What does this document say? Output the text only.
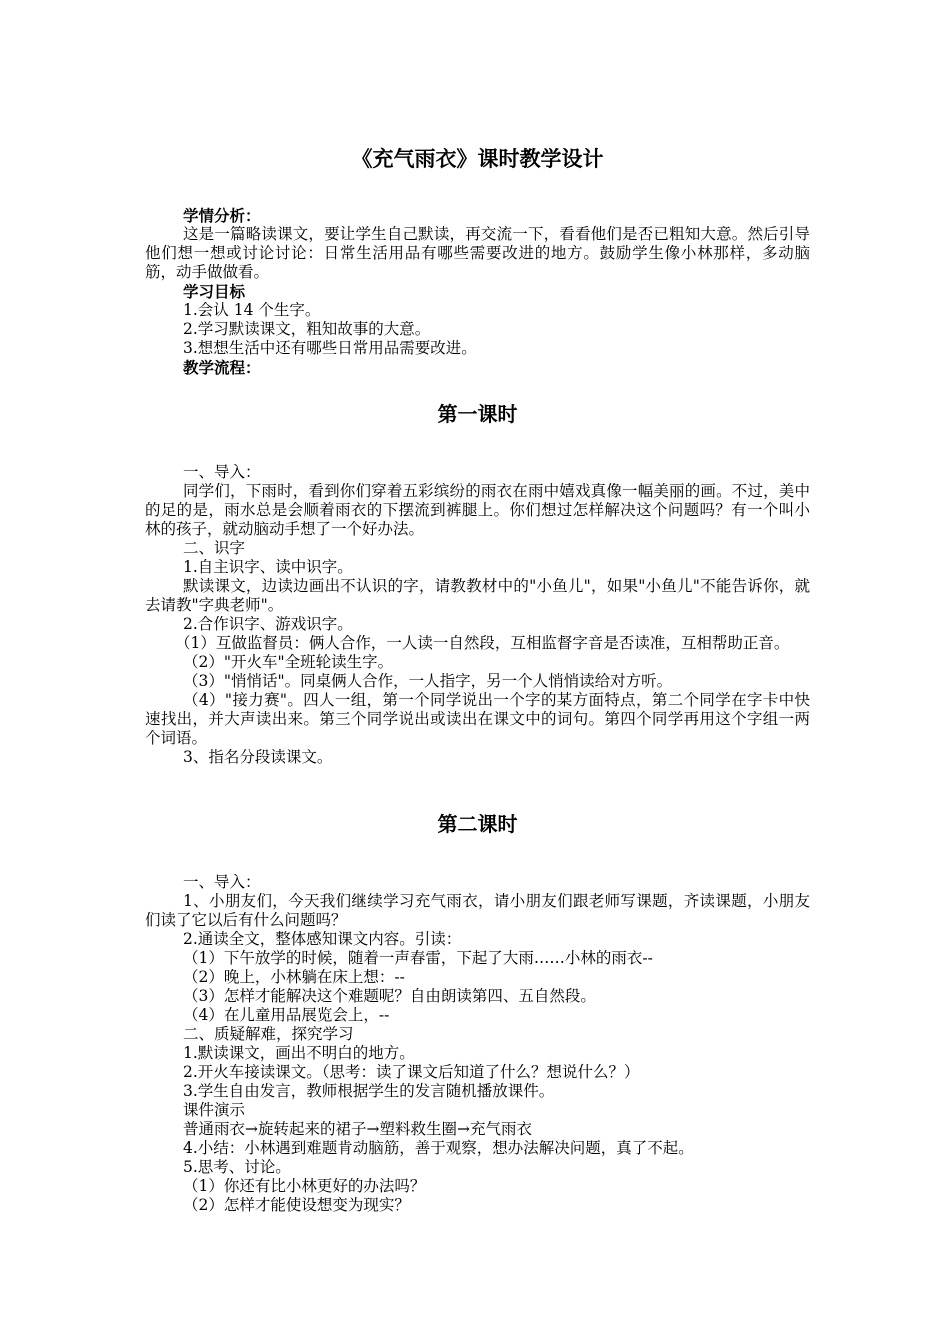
《充气雨衣》课时教学设计

学情分析：

这是一篇略读课文，要让学生自己默读，再交流一下，看看他们是否已粗知大意。然后引导他们想一想或讨论讨论：日常生活用品有哪些需要改进的地方。鼓励学生像小林那样，多动脑筋，动手做做看。

学习目标

1.会认 14 个生字。

2.学习默读课文，粗知故事的大意。

3.想想生活中还有哪些日常用品需要改进。

教学流程：

第一课时

一、导入：

同学们，下雨时，看到你们穿着五彩缤纷的雨衣在雨中嬉戏真像一幅美丽的画。不过，美中的足的是，雨水总是会顺着雨衣的下摆流到裤腿上。你们想过怎样解决这个问题吗？有一个叫小林的孩子，就动脑动手想了一个好办法。

二、识字

1.自主识字、读中识字。

默读课文，边读边画出不认识的字，请教教材中的"小鱼儿"，如果"小鱼儿"不能告诉你，就去请教"字典老师"。

2.合作识字、游戏识字。

（1）互做监督员：俩人合作，一人读一自然段，互相监督字音是否读准，互相帮助正音。

（2）"开火车"全班轮读生字。

（3）"悄悄话"。同桌俩人合作，一人指字，另一个人悄悄读给对方听。

（4）"接力赛"。四人一组，第一个同学说出一个字的某方面特点，第二个同学在字卡中快速找出，并大声读出来。第三个同学说出或读出在课文中的词句。第四个同学再用这个字组一两个词语。

3、指名分段读课文。

第二课时

一、导入：

1、小朋友们，今天我们继续学习充气雨衣，请小朋友们跟老师写课题，齐读课题，小朋友们读了它以后有什么问题吗？

2.通读全文，整体感知课文内容。引读：

（1）下午放学的时候，随着一声春雷，下起了大雨……小林的雨衣--

（2）晚上，小林躺在床上想：--

（3）怎样才能解决这个难题呢？自由朗读第四、五自然段。

（4）在儿童用品展览会上，--

二、质疑解难，探究学习

1.默读课文，画出不明白的地方。

2.开火车接读课文。（思考：读了课文后知道了什么？想说什么？）

3.学生自由发言，教师根据学生的发言随机播放课件。

课件演示

普通雨衣→旋转起来的裙子→塑料救生圈→充气雨衣

4.小结：小林遇到难题肯动脑筋，善于观察，想办法解决问题，真了不起。

5.思考、讨论。

（1）你还有比小林更好的办法吗？

（2）怎样才能使设想变为现实？
